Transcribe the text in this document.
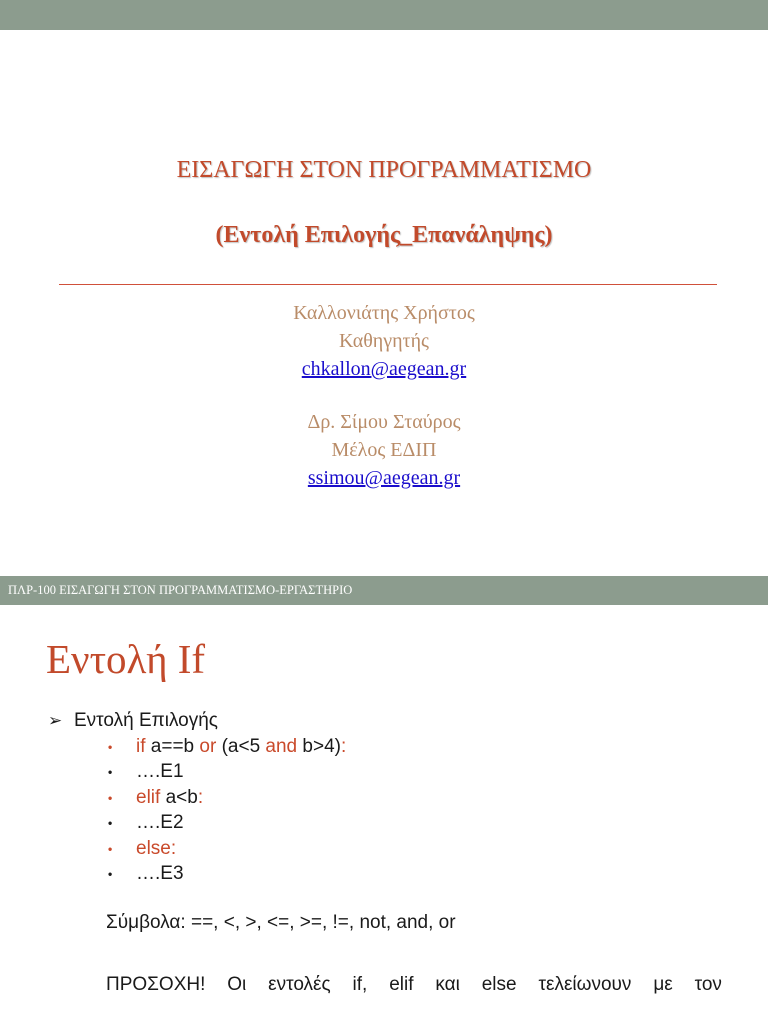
ΕΙΣΑΓΩΓΗ ΣΤΟΝ ΠΡΟΓΡΑΜΜΑΤΙΣΜΟ
(Εντολή Επιλογής_Επανάληψης)
Καλλονιάτης Χρήστος
Καθηγητής
chkallon@aegean.gr
Δρ. Σίμου Σταύρος
Μέλος ΕΔΙΠ
ssimou@aegean.gr
ΠΛΡ-100 ΕΙΣΑΓΩΓΗ ΣΤΟΝ ΠΡΟΓΡΑΜΜΑΤΙΣΜΟ-ΕΡΓΑΣΤΗΡΙΟ
Εντολή If
➢ Εντολή Επιλογής
•	if a==b or (a<5 and b>4):
•	….E1
•	elif a<b:
•	….E2
•	else:
•	….E3
Σύμβολα: ==, <, >, <=, >=, !=, not, and, or
ΠΡΟΣΟΧΗ! Οι εντολές if, elif και else τελείωνουν με τον
